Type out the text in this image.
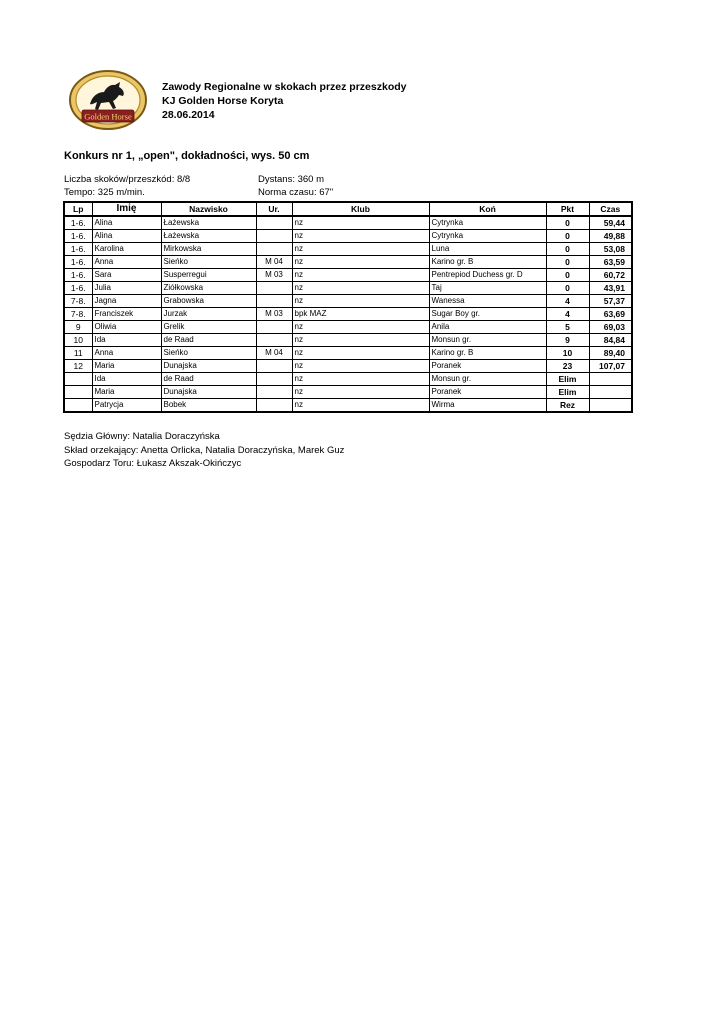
Golden Horse
Zawody Regionalne w skokach przez przeszkody
KJ Golden Horse Koryta
28.06.2014
Konkurs nr 1, „open", dokładności, wys. 50 cm
Liczba skoków/przeszkód: 8/8
Tempo: 325 m/min.
Dystans: 360 m
Norma czasu: 67"
Lp	Imię	Nazwisko	Ur.	Klub	Koń	Pkt	Czas
1-6.	Alina	Łażewska		nz	Cytrynka	0	59,44
1-6.	Alina	Łażewska		nz	Cytrynka	0	49,88
1-6.	Karolina	Mirkowska		nz	Luna	0	53,08
1-6.	Anna	Sieńko	M 04	nz	Karino gr. B	0	63,59
1-6.	Sara	Susperregui	M 03	nz	Pentrepiod Duchess gr. D	0	60,72
1-6.	Julia	Ziółkowska		nz	Taj	0	43,91
7-8.	Jagna	Grabowska		nz	Wanessa	4	57,37
7-8.	Franciszek	Jurzak	M 03	bpk MAZ	Sugar Boy gr.	4	63,69
9	Oliwia	Grelik		nz	Anila	5	69,03
10	Ida	de Raad		nz	Monsun gr.	9	84,84
11	Anna	Sieńko	M 04	nz	Karino gr. B	10	89,40
12	Maria	Dunajska		nz	Poranek	23	107,07
	Ida	de Raad		nz	Monsun gr.	Elim	
	Maria	Dunajska		nz	Poranek	Elim	
	Patrycja	Bobek		nz	Wirma	Rez	
Sędzia Główny: Natalia Doraczyńska
Skład orzekający: Anetta Orlicka, Natalia Doraczyńska, Marek Guz
Gospodarz Toru: Łukasz Akszak-Okińczyc
